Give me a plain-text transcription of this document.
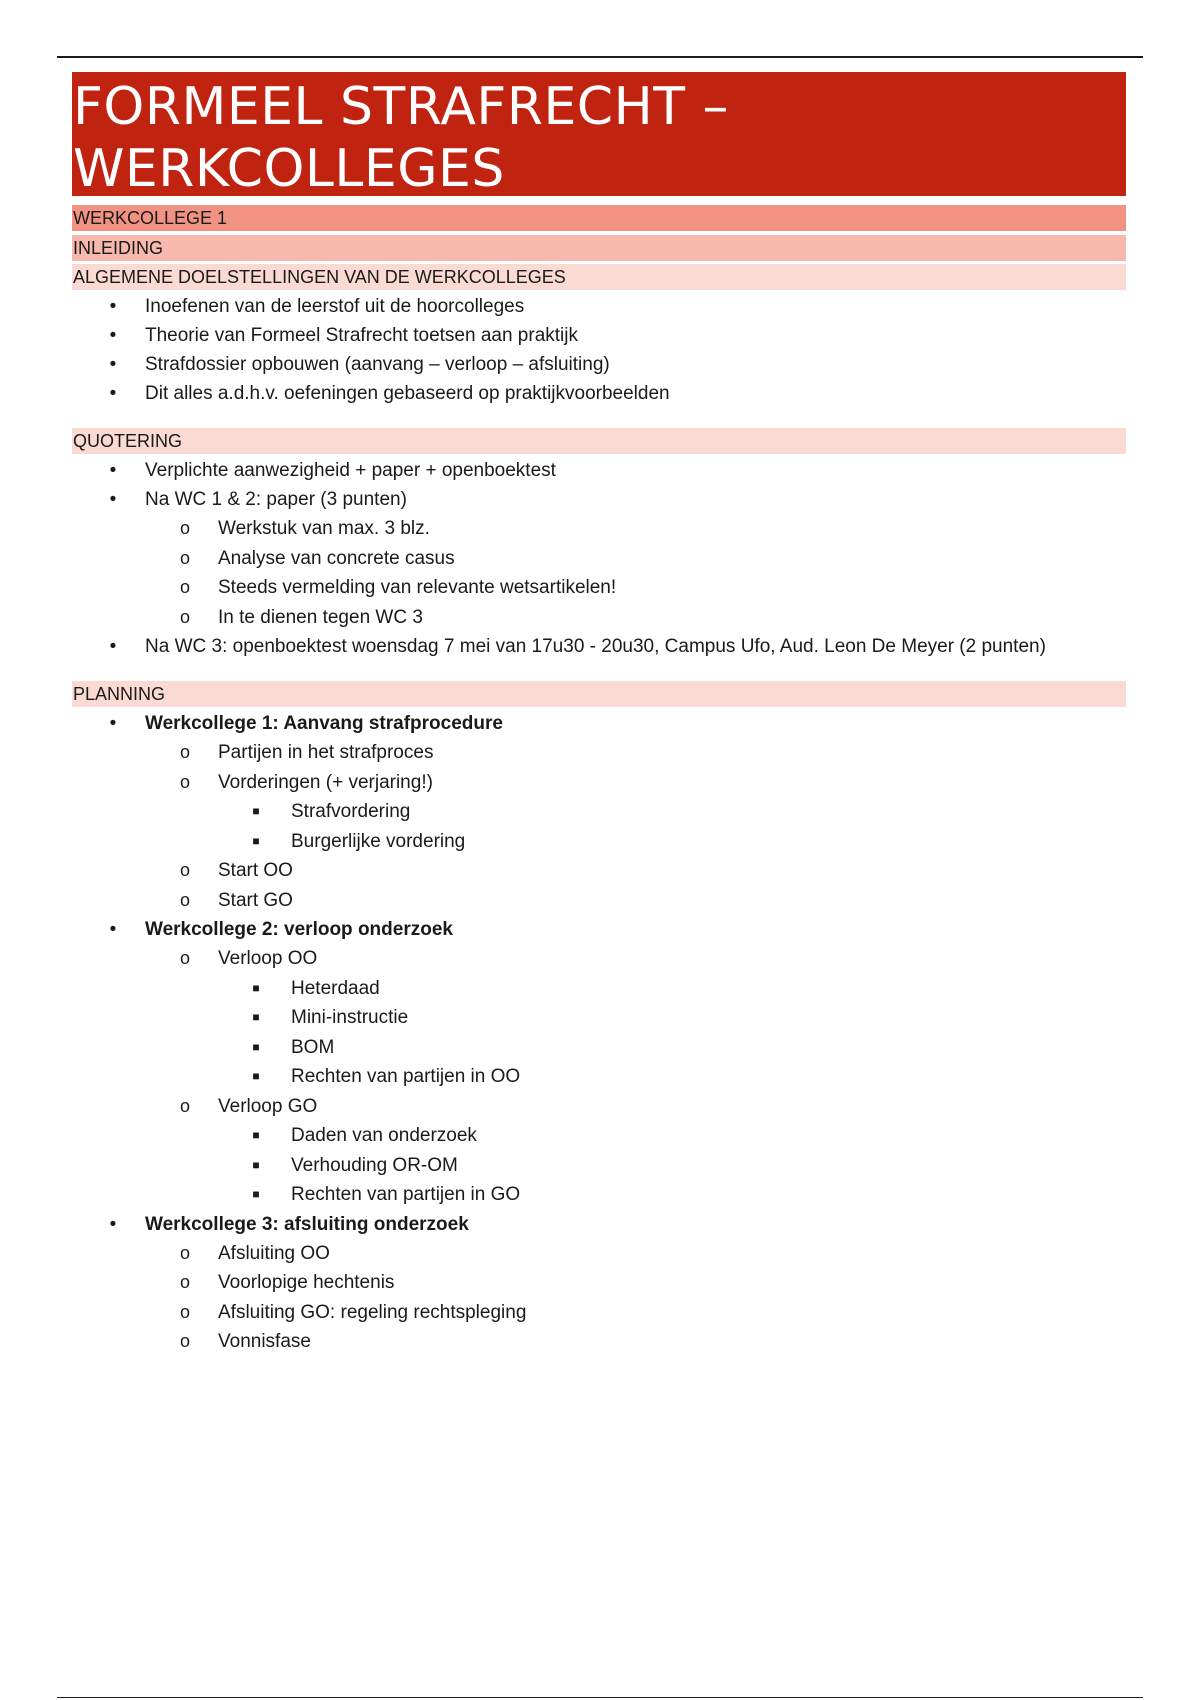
FORMEEL STRAFRECHT –
WERKCOLLEGES
WERKCOLLEGE 1
INLEIDING
ALGEMENE DOELSTELLINGEN VAN DE WERKCOLLEGES
• Inoefenen van de leerstof uit de hoorcolleges
• Theorie van Formeel Strafrecht toetsen aan praktijk
• Strafdossier opbouwen (aanvang – verloop – afsluiting)
• Dit alles a.d.h.v. oefeningen gebaseerd op praktijkvoorbeelden
QUOTERING
• Verplichte aanwezigheid + paper + openboektest
• Na WC 1 & 2: paper (3 punten)
o Werkstuk van max. 3 blz.
o Analyse van concrete casus
o Steeds vermelding van relevante wetsartikelen!
o In te dienen tegen WC 3
• Na WC 3: openboektest woensdag 7 mei van 17u30 - 20u30, Campus Ufo, Aud. Leon De Meyer (2 punten)
PLANNING
• Werkcollege 1: Aanvang strafprocedure
o Partijen in het strafproces
o Vorderingen (+ verjaring!)
■ Strafvordering
■ Burgerlijke vordering
o Start OO
o Start GO
• Werkcollege 2: verloop onderzoek
o Verloop OO
■ Heterdaad
■ Mini-instructie
■ BOM
■ Rechten van partijen in OO
o Verloop GO
■ Daden van onderzoek
■ Verhouding OR-OM
■ Rechten van partijen in GO
• Werkcollege 3: afsluiting onderzoek
o Afsluiting OO
o Voorlopige hechtenis
o Afsluiting GO: regeling rechtspleging
o Vonnisfase
